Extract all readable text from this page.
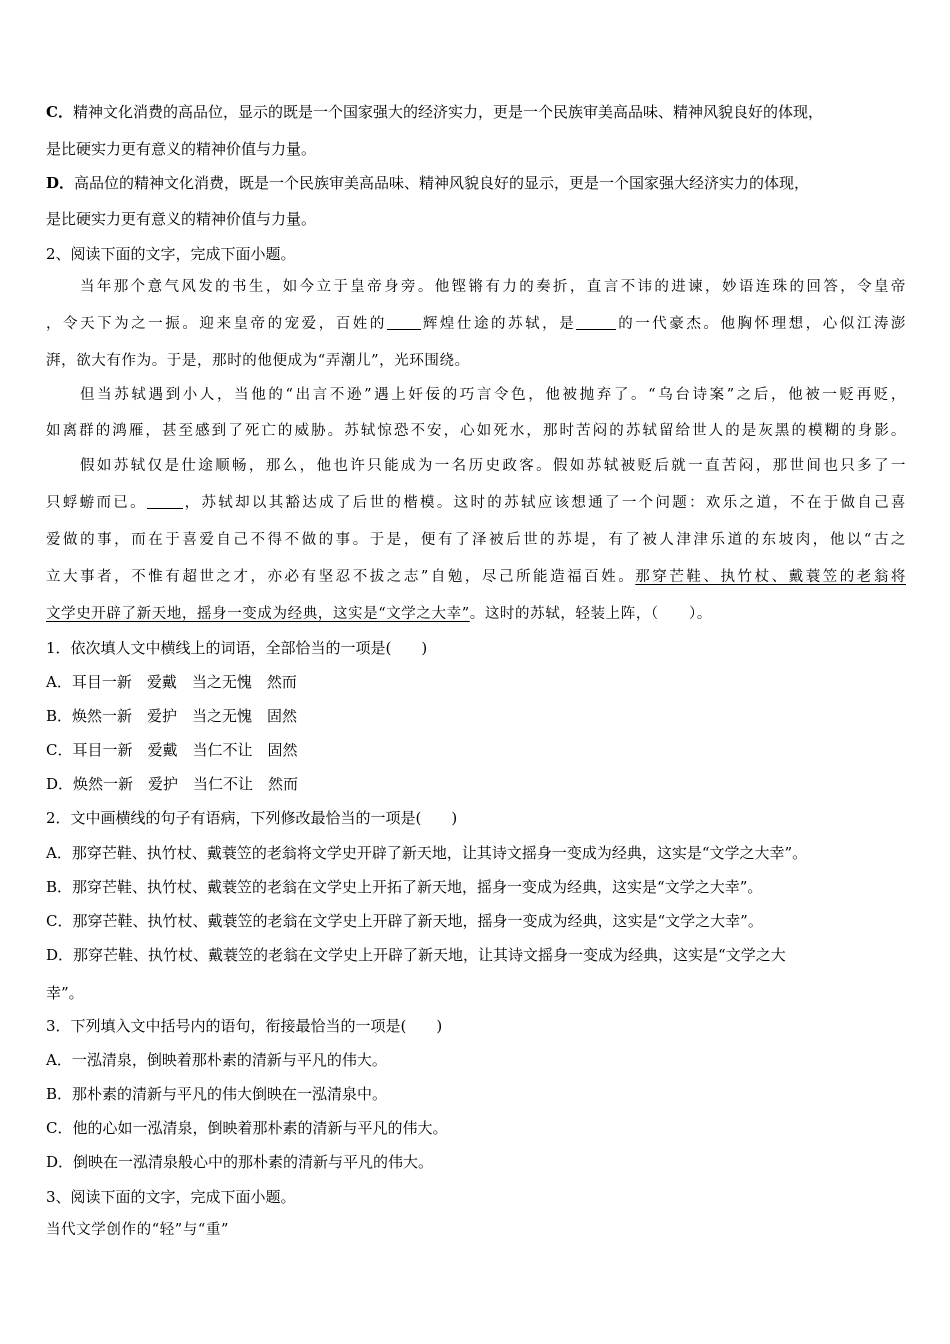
C．精神文化消费的高品位，显示的既是一个国家强大的经济实力，更是一个民族审美高品味、精神风貌良好的体现，
是比硬实力更有意义的精神价值与力量。
D．高品位的精神文化消费，既是一个民族审美高品味、精神风貌良好的显示，更是一个国家强大经济实力的体现，
是比硬实力更有意义的精神价值与力量。
2、阅读下面的文字，完成下面小题。
当年那个意气风发的书生，如今立于皇帝身旁。他铿锵有力的奏折，直言不讳的进谏，妙语连珠的回答，令皇帝
，令天下为之一振。迎来皇帝的宠爱，百姓的 辉煌仕途的苏轼，是	的一代豪杰。他胸怀理想，心似江涛澎
湃，欲大有作为。于是，那时的他便成为“弄潮儿”，光环围绕。
但当苏轼遇到小人，当他的“出言不逊”遇上奸佞的巧言令色，他被抛弃了。“乌台诗案”之后，他被一贬再贬，
如离群的鸿雁，甚至感到了死亡的威胁。苏轼惊恐不安，心如死水，那时苦闷的苏轼留给世人的是灰黑的模糊的身影。
假如苏轼仅是仕途顺畅，那么，他也许只能成为一名历史政客。假如苏轼被贬后就一直苦闷，那世间也只多了一
只蜉蝣而已。 ，苏轼却以其豁达成了后世的楷模。这时的苏轼应该想通了一个问题：欢乐之道，不在于做自己喜
爱做的事，而在于喜爱自己不得不做的事。于是，便有了泽被后世的苏堤，有了被人津津乐道的东坡肉，他以“古之
立大事者，不惟有超世之才，亦必有坚忍不拔之志”自勉，尽己所能造福百姓。那穿芒鞋、执竹杖、戴蓑笠的老翁将
文学史开辟了新天地，摇身一变成为经典，这实是“文学之大幸”。这时的苏轼，轻装上阵，（　　）。
1．依次填人文中横线上的词语，全部恰当的一项是(　　)
A．耳目一新　爱戴　当之无愧　然而
B．焕然一新　爱护　当之无愧　固然
C．耳目一新　爱戴　当仁不让　固然
D．焕然一新　爱护　当仁不让　然而
2．文中画横线的句子有语病，下列修改最恰当的一项是(　　)
A．那穿芒鞋、执竹杖、戴蓑笠的老翁将文学史开辟了新天地，让其诗文摇身一变成为经典，这实是“文学之大幸”。
B．那穿芒鞋、执竹杖、戴蓑笠的老翁在文学史上开拓了新天地，摇身一变成为经典，这实是“文学之大幸”。
C．那穿芒鞋、执竹杖、戴蓑笠的老翁在文学史上开辟了新天地，摇身一变成为经典，这实是“文学之大幸”。
D．那穿芒鞋、执竹杖、戴蓑笠的老翁在文学史上开辟了新天地，让其诗文摇身一变成为经典，这实是“文学之大
幸”。
3．下列填入文中括号内的语句，衔接最恰当的一项是(　　)
A．一泓清泉，倒映着那朴素的清新与平凡的伟大。
B．那朴素的清新与平凡的伟大倒映在一泓清泉中。
C．他的心如一泓清泉，倒映着那朴素的清新与平凡的伟大。
D．倒映在一泓清泉般心中的那朴素的清新与平凡的伟大。
3、阅读下面的文字，完成下面小题。
当代文学创作的“轻”与“重”
